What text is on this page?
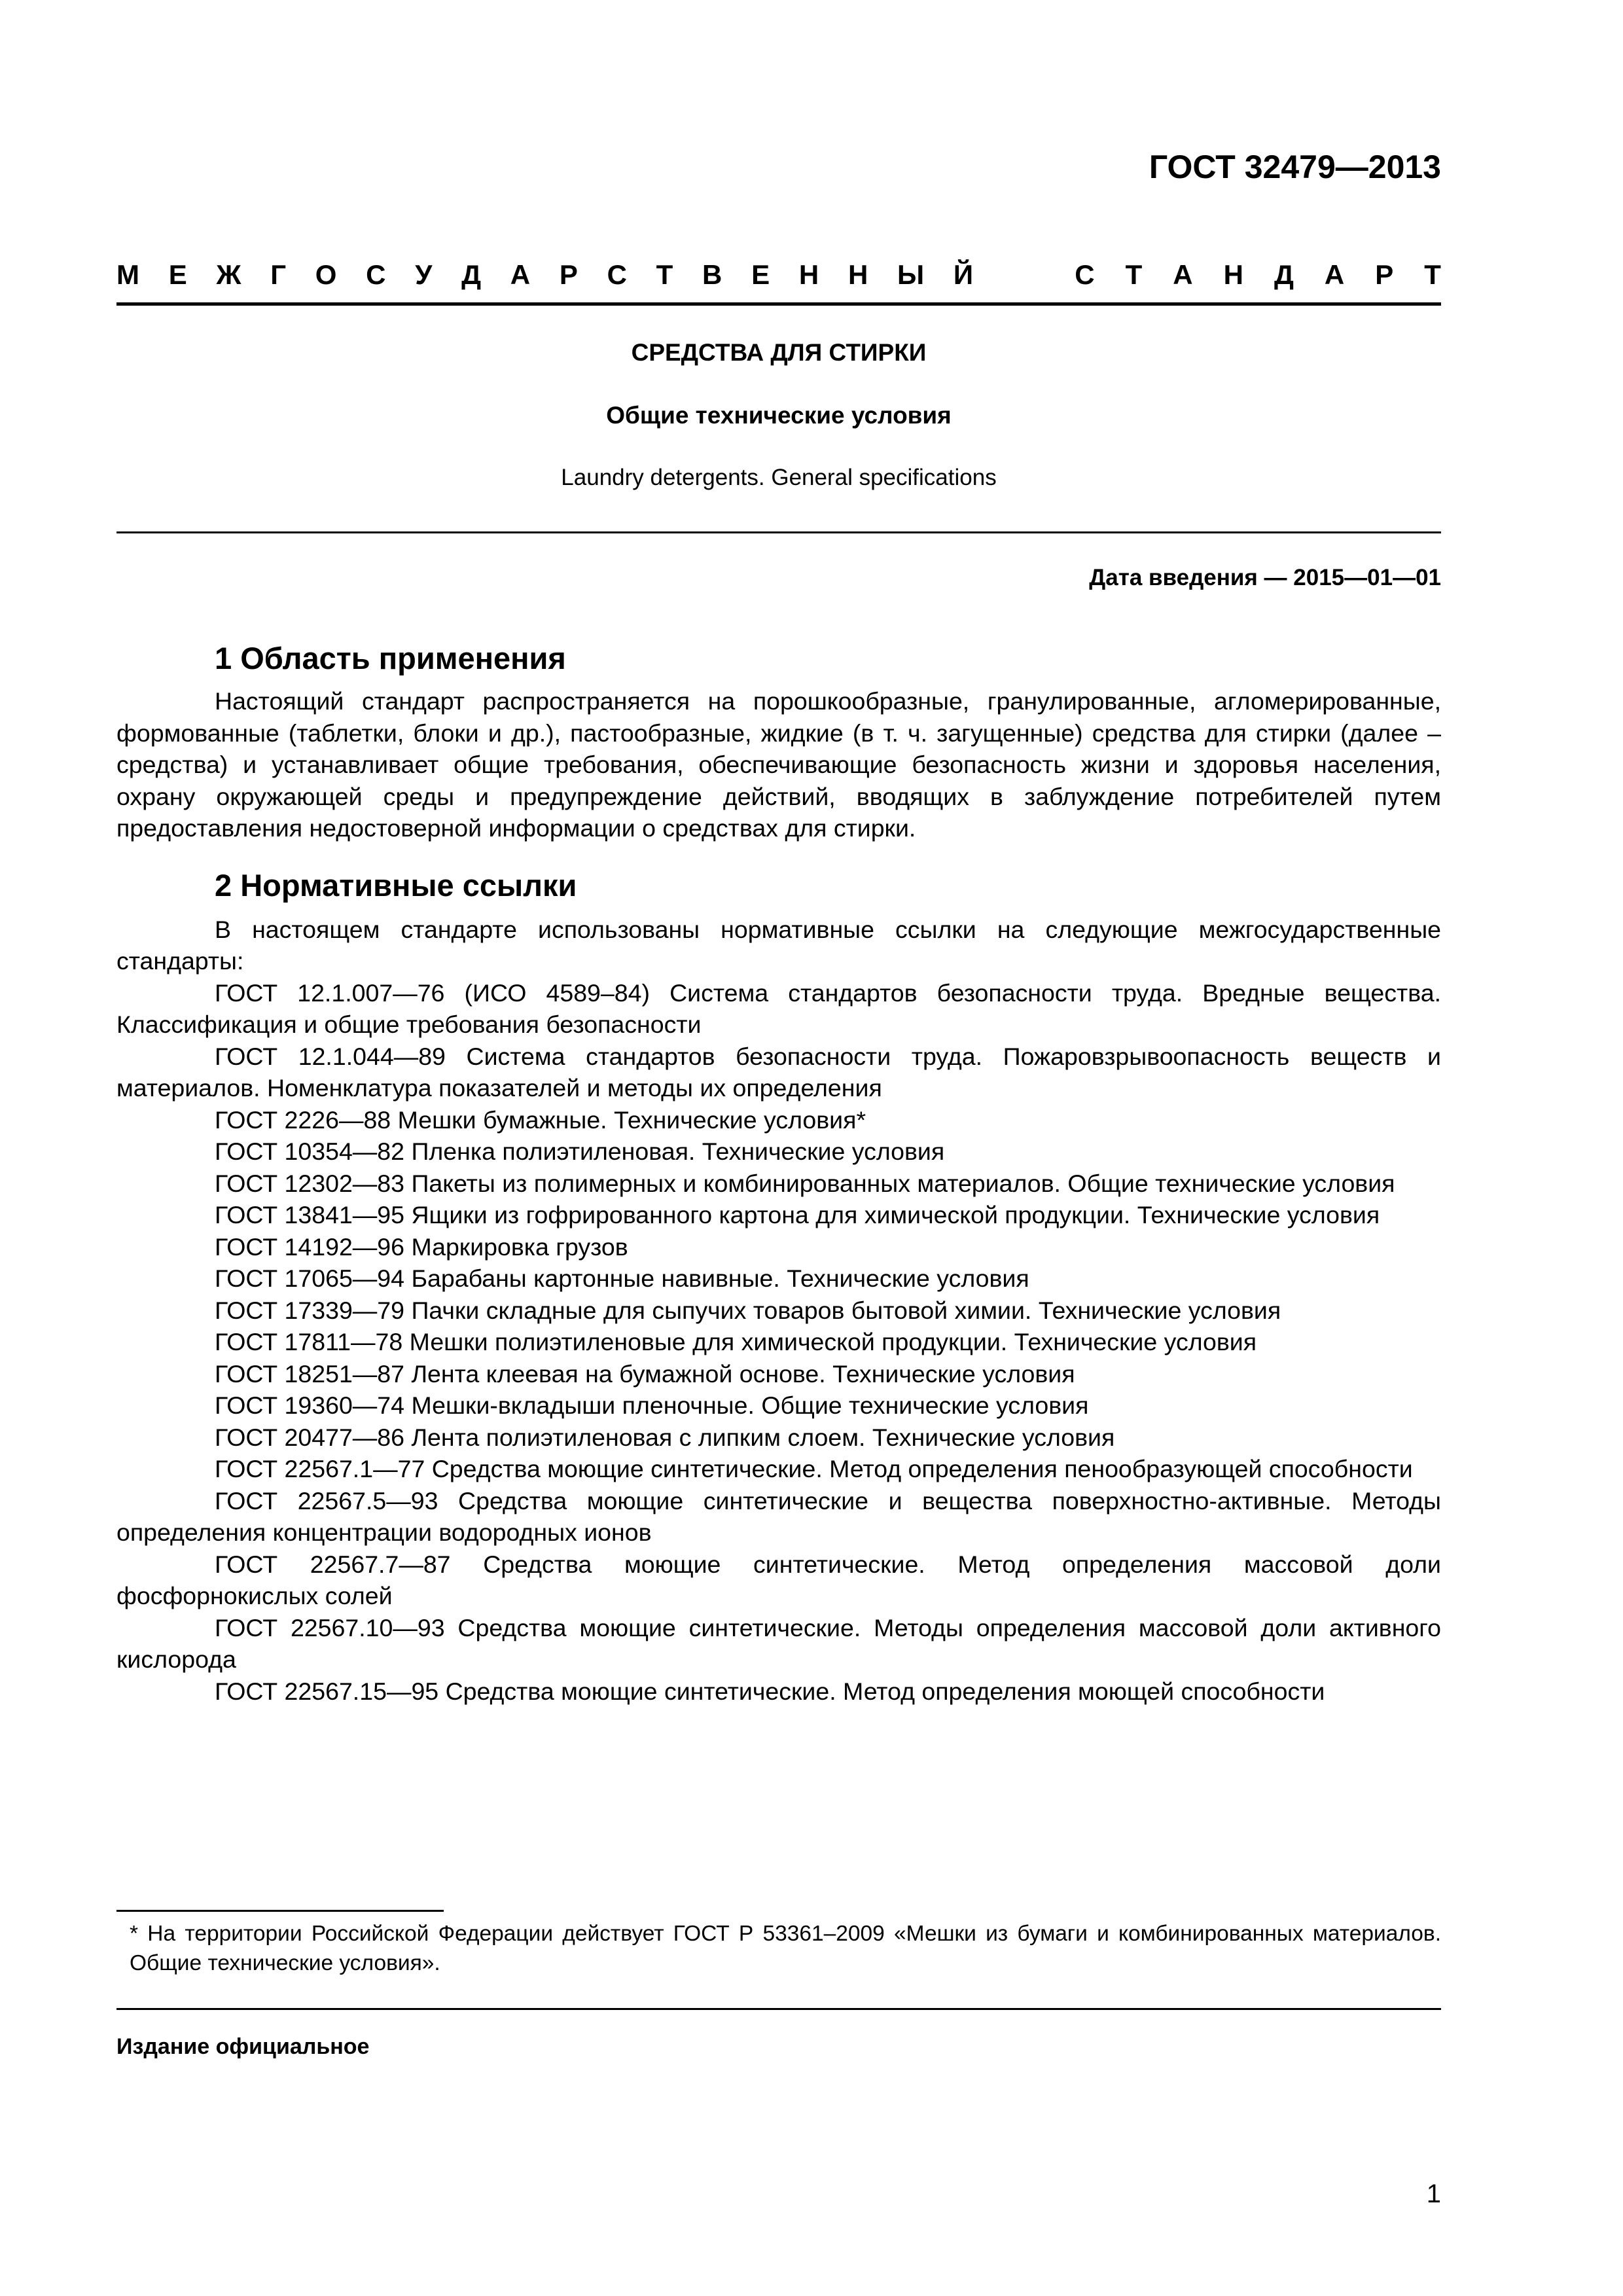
ГОСТ 32479—2013
М Е Ж Г О С У Д А Р С Т В Е Н Н Ы Й	С Т А Н Д А Р Т
СРЕДСТВА ДЛЯ СТИРКИ
Общие технические условия
Laundry detergents. General specifications
Дата введения — 2015—01—01
1 Область применения

Настоящий стандарт распространяется на порошкообразные, гранулированные, агломерированные, формованные (таблетки, блоки и др.), пастообразные, жидкие (в т. ч. загущенные) средства для стирки (далее – средства) и устанавливает общие требования, обеспечивающие безопасность жизни и здоровья населения, охрану окружающей среды и предупреждение действий, вводящих в заблуждение потребителей путем предоставления недостоверной информации о средствах для стирки.

2 Нормативные ссылки

В настоящем стандарте использованы нормативные ссылки на следующие межгосударственные стандарты:

ГОСТ 12.1.007—76 (ИСО 4589–84) Система стандартов безопасности труда. Вредные вещества. Классификация и общие требования безопасности

ГОСТ 12.1.044—89 Система стандартов безопасности труда. Пожаровзрывоопасность веществ и материалов. Номенклатура показателей и методы их определения

ГОСТ 2226—88 Мешки бумажные. Технические условия*

ГОСТ 10354—82 Пленка полиэтиленовая. Технические условия

ГОСТ 12302—83 Пакеты из полимерных и комбинированных материалов. Общие технические условия

ГОСТ 13841—95 Ящики из гофрированного картона для химической продукции. Технические условия

ГОСТ 14192—96 Маркировка грузов

ГОСТ 17065—94 Барабаны картонные навивные. Технические условия

ГОСТ 17339—79 Пачки складные для сыпучих товаров бытовой химии. Технические условия

ГОСТ 17811—78 Мешки полиэтиленовые для химической продукции. Технические условия

ГОСТ 18251—87 Лента клеевая на бумажной основе. Технические условия

ГОСТ 19360—74 Мешки-вкладыши пленочные. Общие технические условия

ГОСТ 20477—86 Лента полиэтиленовая с липким слоем. Технические условия

ГОСТ 22567.1—77 Средства моющие синтетические. Метод определения пенообразующей способности

ГОСТ 22567.5—93 Средства моющие синтетические и вещества поверхностно-активные. Методы определения концентрации водородных ионов

ГОСТ 22567.7—87 Средства моющие синтетические. Метод определения массовой доли фосфорнокислых солей

ГОСТ 22567.10—93 Средства моющие синтетические. Методы определения массовой доли активного кислорода

ГОСТ 22567.15—95 Средства моющие синтетические. Метод определения моющей способности

* На территории Российской Федерации действует ГОСТ Р 53361–2009 «Мешки из бумаги и комбинированных материалов. Общие технические условия».
Издание официальное
1
